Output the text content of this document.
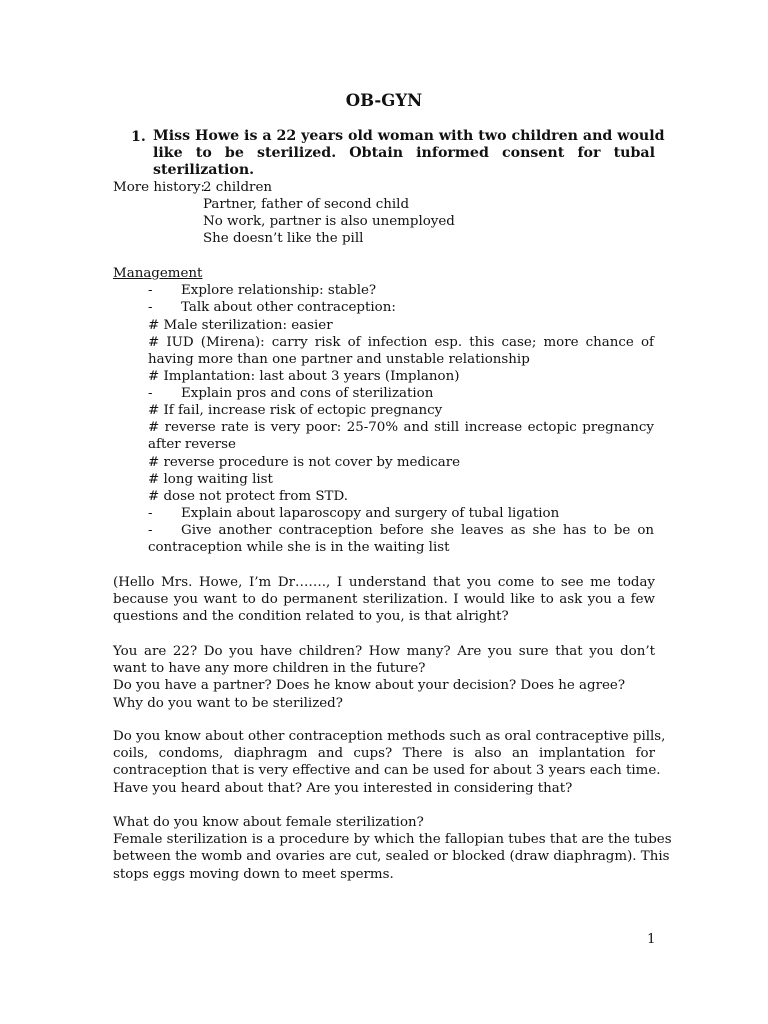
OB-GYN
1. Miss Howe is a 22 years old woman with two children and would
like to be sterilized. Obtain informed consent for tubal
sterilization.
More history:
2 children
Partner, father of second child
No work, partner is also unemployed
She doesn’t like the pill
Management
- Explore relationship: stable?
- Talk about other contraception:
# Male sterilization: easier
# IUD (Mirena): carry risk of infection esp. this case; more chance of
having more than one partner and unstable relationship
# Implantation: last about 3 years (Implanon)
- Explain pros and cons of sterilization
# If fail, increase risk of ectopic pregnancy
# reverse rate is very poor: 25-70% and still increase ectopic pregnancy
after reverse
# reverse procedure is not cover by medicare
# long waiting list
# dose not protect from STD.
- Explain about laparoscopy and surgery of tubal ligation
- Give another contraception before she leaves as she has to be on
contraception while she is in the waiting list
(Hello Mrs. Howe, I’m Dr……., I understand that you come to see me today
because you want to do permanent sterilization. I would like to ask you a few
questions and the condition related to you, is that alright?
You are 22? Do you have children? How many? Are you sure that you don’t
want to have any more children in the future?
Do you have a partner? Does he know about your decision? Does he agree?
Why do you want to be sterilized?
Do you know about other contraception methods such as oral contraceptive pills,
coils, condoms, diaphragm and cups? There is also an implantation for
contraception that is very effective and can be used for about 3 years each time.
Have you heard about that? Are you interested in considering that?
What do you know about female sterilization?
Female sterilization is a procedure by which the fallopian tubes that are the tubes
between the womb and ovaries are cut, sealed or blocked (draw diaphragm). This
stops eggs moving down to meet sperms.
1
